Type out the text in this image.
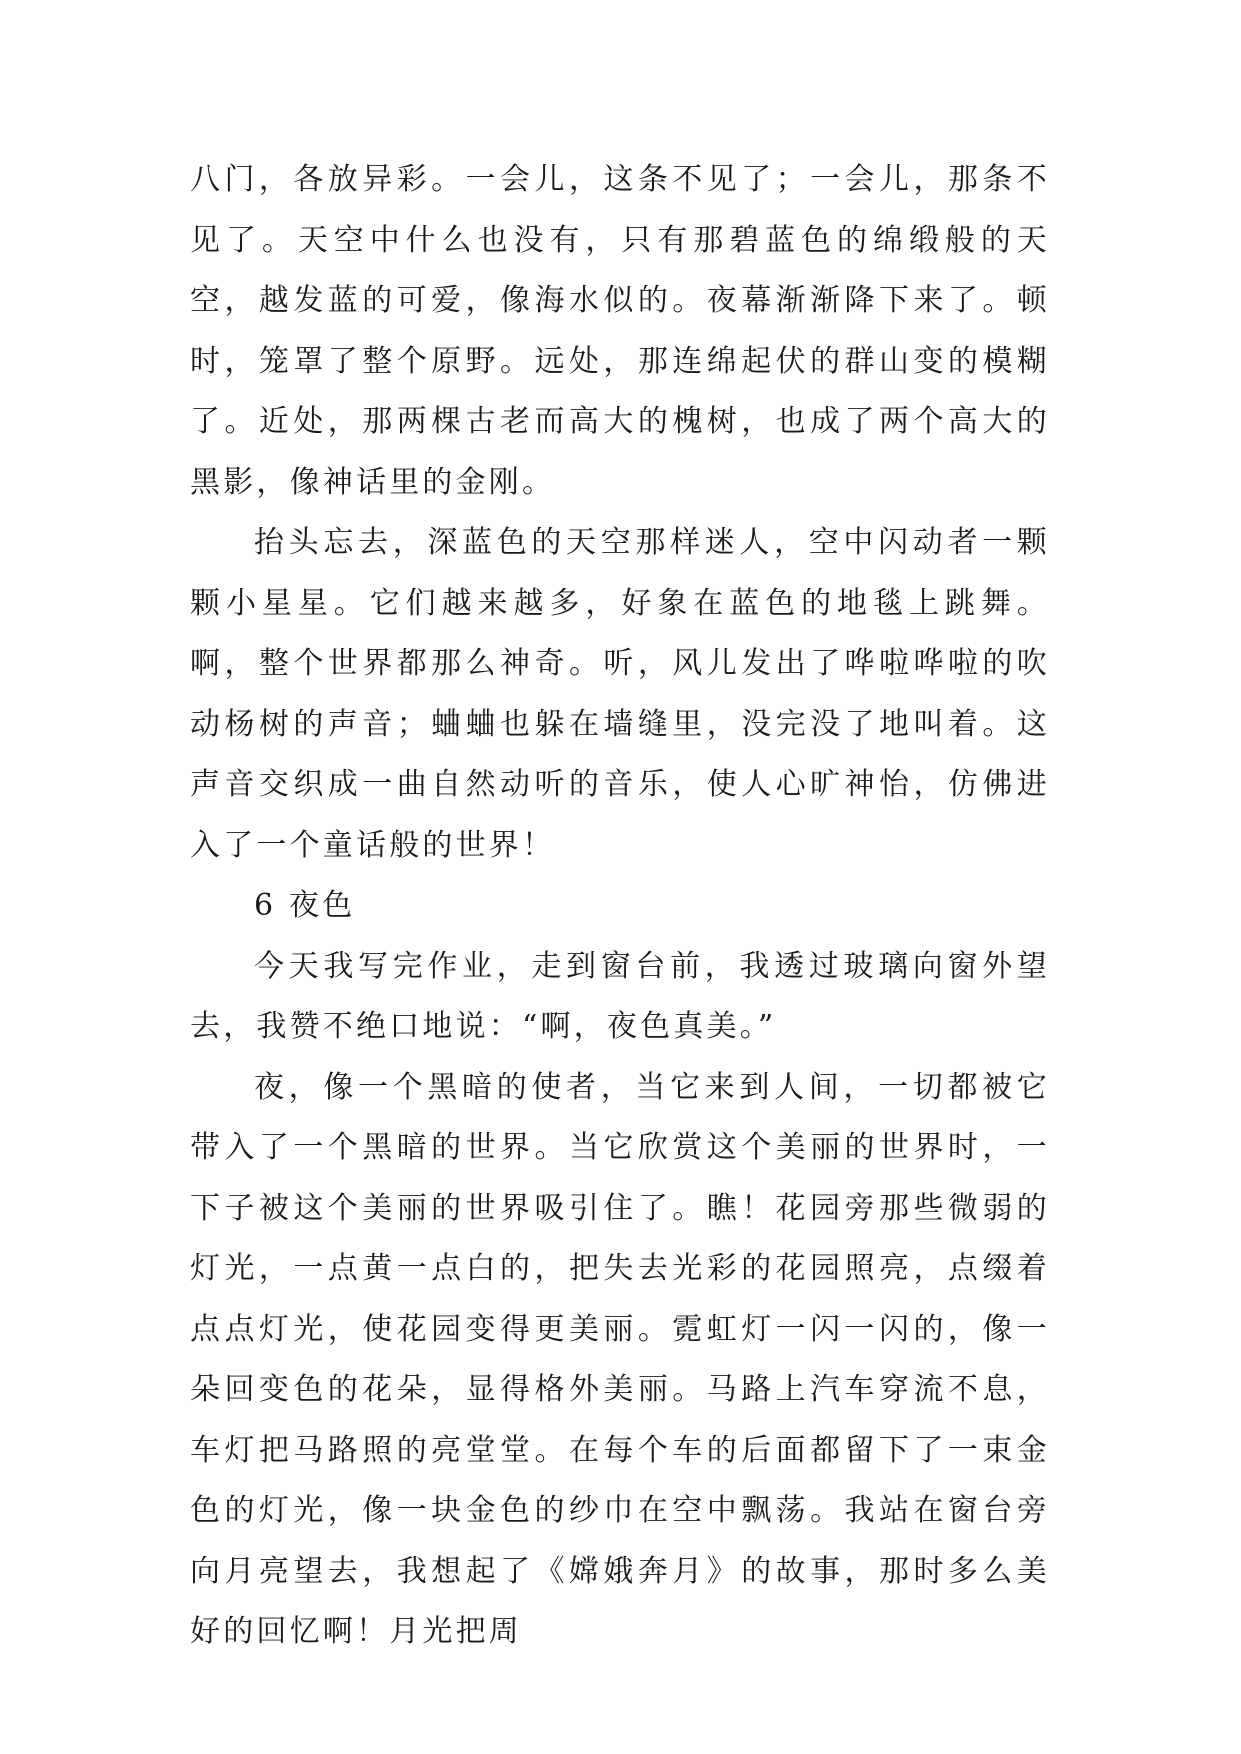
八门，各放异彩。一会儿，这条不见了；一会儿，那条不见了。天空中什么也没有，只有那碧蓝色的绵缎般的天空，越发蓝的可爱，像海水似的。夜幕渐渐降下来了。顿时，笼罩了整个原野。远处，那连绵起伏的群山变的模糊了。近处，那两棵古老而高大的槐树，也成了两个高大的黑影，像神话里的金刚。

抬头忘去，深蓝色的天空那样迷人，空中闪动者一颗颗小星星。它们越来越多，好象在蓝色的地毯上跳舞。啊，整个世界都那么神奇。听，风儿发出了哗啦哗啦的吹动杨树的声音；蛐蛐也躲在墙缝里，没完没了地叫着。这声音交织成一曲自然动听的音乐，使人心旷神怡，仿佛进入了一个童话般的世界！

6 夜色

今天我写完作业，走到窗台前，我透过玻璃向窗外望去，我赞不绝口地说：“啊，夜色真美。”

夜，像一个黑暗的使者，当它来到人间，一切都被它带入了一个黑暗的世界。当它欣赏这个美丽的世界时，一下子被这个美丽的世界吸引住了。瞧！花园旁那些微弱的灯光，一点黄一点白的，把失去光彩的花园照亮，点缀着点点灯光，使花园变得更美丽。霓虹灯一闪一闪的，像一朵回变色的花朵，显得格外美丽。马路上汽车穿流不息，车灯把马路照的亮堂堂。在每个车的后面都留下了一束金色的灯光，像一块金色的纱巾在空中飘荡。我站在窗台旁向月亮望去，我想起了《嫦娥奔月》的故事，那时多么美好的回忆啊！月光把周
